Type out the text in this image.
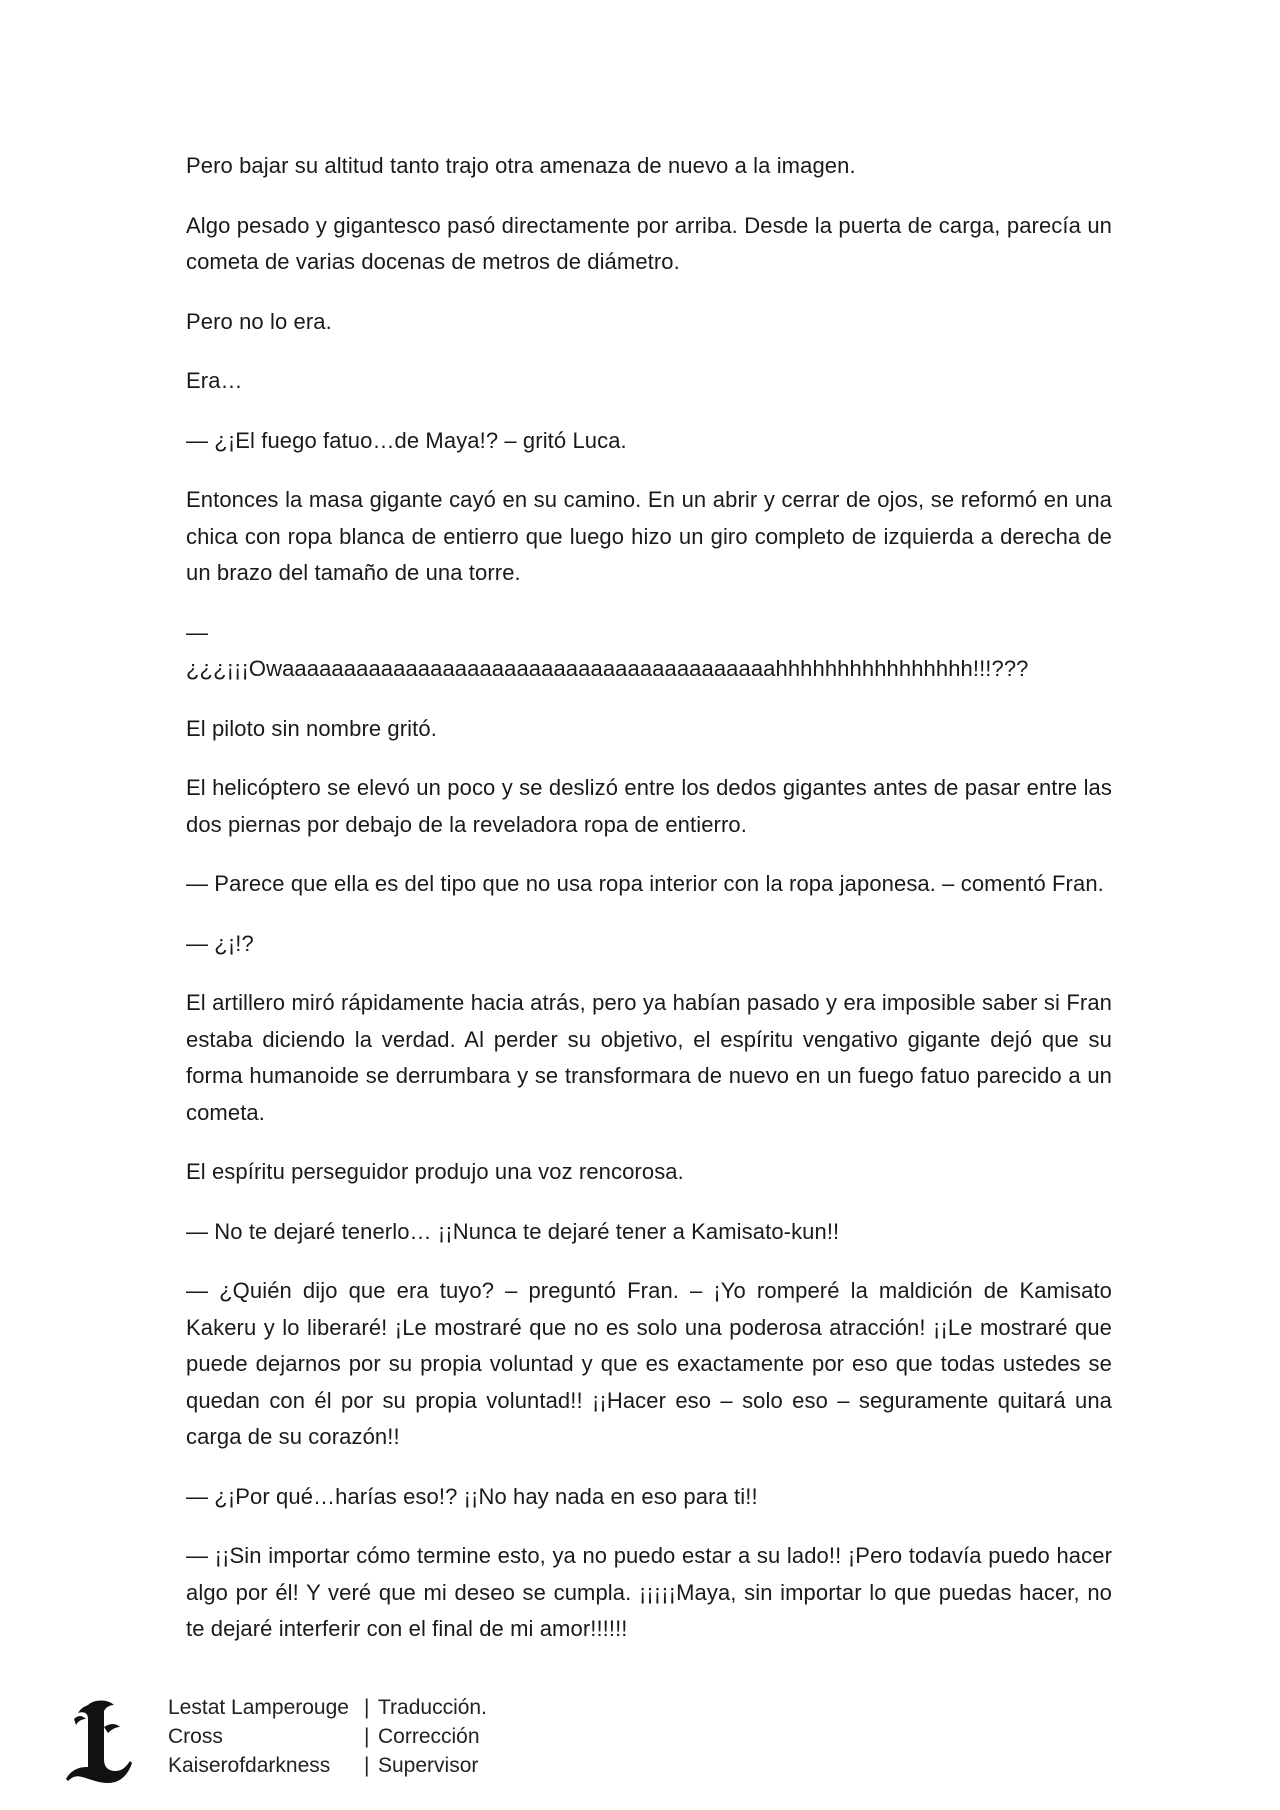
Pero bajar su altitud tanto trajo otra amenaza de nuevo a la imagen.

Algo pesado y gigantesco pasó directamente por arriba. Desde la puerta de carga, parecía un cometa de varias docenas de metros de diámetro.

Pero no lo era.

Era…

— ¿¡El fuego fatuo…de Maya!? – gritó Luca.

Entonces la masa gigante cayó en su camino. En un abrir y cerrar de ojos, se reformó en una chica con ropa blanca de entierro que luego hizo un giro completo de izquierda a derecha de un brazo del tamaño de una torre.

—

¿¿¿¡¡¡Owaaaaaaaaaaaaaaaaaaaaaaaaaaaaaaaaaaaaaaaahhhhhhhhhhhhhhhh!!!???

El piloto sin nombre gritó.

El helicóptero se elevó un poco y se deslizó entre los dedos gigantes antes de pasar entre las dos piernas por debajo de la reveladora ropa de entierro.

— Parece que ella es del tipo que no usa ropa interior con la ropa japonesa. – comentó Fran.

— ¿¡!?

El artillero miró rápidamente hacia atrás, pero ya habían pasado y era imposible saber si Fran estaba diciendo la verdad. Al perder su objetivo, el espíritu vengativo gigante dejó que su forma humanoide se derrumbara y se transformara de nuevo en un fuego fatuo parecido a un cometa.

El espíritu perseguidor produjo una voz rencorosa.

— No te dejaré tenerlo… ¡¡Nunca te dejaré tener a Kamisato-kun!!

— ¿Quién dijo que era tuyo? – preguntó Fran. – ¡Yo romperé la maldición de Kamisato Kakeru y lo liberaré! ¡Le mostraré que no es solo una poderosa atracción! ¡¡Le mostraré que puede dejarnos por su propia voluntad y que es exactamente por eso que todas ustedes se quedan con él por su propia voluntad!! ¡¡Hacer eso – solo eso – seguramente quitará una carga de su corazón!!

— ¿¡Por qué…harías eso!? ¡¡No hay nada en eso para ti!!

— ¡¡Sin importar cómo termine esto, ya no puedo estar a su lado!! ¡Pero todavía puedo hacer algo por él! Y veré que mi deseo se cumpla. ¡¡¡¡¡Maya, sin importar lo que puedas hacer, no te dejaré interferir con el final de mi amor!!!!!!

Lestat Lamperouge | Traducción.
Cross	| Corrección
Kaiserofdarkness	| Supervisor
